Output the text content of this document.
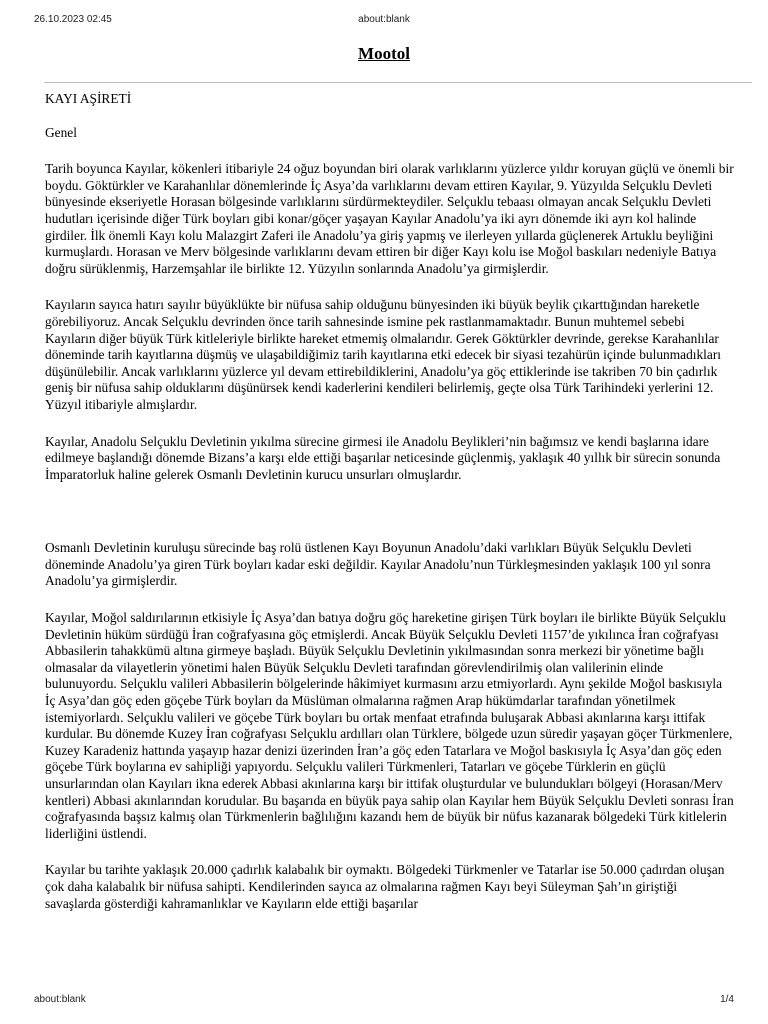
26.10.2023 02:45	about:blank
Mootol
KAYI AŞİRETİ

Genel

Tarih boyunca Kayılar, kökenleri itibariyle 24 oğuz boyundan biri olarak varlıklarını yüzlerce yıldır koruyan güçlü ve önemli bir boydu. Göktürkler ve Karahanlılar dönemlerinde İç Asya’da varlıklarını devam ettiren Kayılar, 9. Yüzyılda Selçuklu Devleti bünyesinde ekseriyetle Horasan bölgesinde varlıklarını sürdürmekteydiler. Selçuklu tebaası olmayan ancak Selçuklu Devleti hudutları içerisinde diğer Türk boyları gibi konar/göçer yaşayan Kayılar Anadolu’ya iki ayrı dönemde iki ayrı kol halinde girdiler. İlk önemli Kayı kolu Malazgirt Zaferi ile Anadolu’ya giriş yapmış ve ilerleyen yıllarda güçlenerek Artuklu beyliğini kurmuşlardı. Horasan ve Merv bölgesinde varlıklarını devam ettiren bir diğer Kayı kolu ise Moğol baskıları nedeniyle Batıya doğru sürüklenmiş, Harzemşahlar ile birlikte 12. Yüzyılın sonlarında Anadolu’ya girmişlerdir.

Kayıların sayıca hatırı sayılır büyüklükte bir nüfusa sahip olduğunu bünyesinden iki büyük beylik çıkarttığından hareketle görebiliyoruz. Ancak Selçuklu devrinden önce tarih sahnesinde ismine pek rastlanmamaktadır. Bunun muhtemel sebebi Kayıların diğer büyük Türk kitleleriyle birlikte hareket etmemiş olmalarıdır. Gerek Göktürkler devrinde, gerekse Karahanlılar döneminde tarih kayıtlarına düşmüş ve ulaşabildiğimiz tarih kayıtlarına etki edecek bir siyasi tezahürün içinde bulunmadıkları düşünülebilir. Ancak varlıklarını yüzlerce yıl devam ettirebildiklerini, Anadolu’ya göç ettiklerinde ise takriben 70 bin çadırlık geniş bir nüfusa sahip olduklarını düşünürsek kendi kaderlerini kendileri belirlemiş, geçte olsa Türk Tarihindeki yerlerini 12. Yüzyıl itibariyle almışlardır.

Kayılar, Anadolu Selçuklu Devletinin yıkılma sürecine girmesi ile Anadolu Beylikleri’nin bağımsız ve kendi başlarına idare edilmeye başlandığı dönemde Bizans’a karşı elde ettiği başarılar neticesinde güçlenmiş, yaklaşık 40 yıllık bir sürecin sonunda İmparatorluk haline gelerek Osmanlı Devletinin kurucu unsurları olmuşlardır.

Osmanlı Devletinin kuruluşu sürecinde baş rolü üstlenen Kayı Boyunun Anadolu’daki varlıkları Büyük Selçuklu Devleti döneminde Anadolu’ya giren Türk boyları kadar eski değildir. Kayılar Anadolu’nun Türkleşmesinden yaklaşık 100 yıl sonra Anadolu’ya girmişlerdir.

Kayılar, Moğol saldırılarının etkisiyle İç Asya’dan batıya doğru göç hareketine girişen Türk boyları ile birlikte Büyük Selçuklu Devletinin hüküm sürdüğü İran coğrafyasına göç etmişlerdi. Ancak Büyük Selçuklu Devleti 1157’de yıkılınca İran coğrafyası Abbasilerin tahakkümü altına girmeye başladı. Büyük Selçuklu Devletinin yıkılmasından sonra merkezi bir yönetime bağlı olmasalar da vilayetlerin yönetimi halen Büyük Selçuklu Devleti tarafından görevlendirilmiş olan valilerinin elinde bulunuyordu. Selçuklu valileri Abbasilerin bölgelerinde hâkimiyet kurmasını arzu etmiyorlardı. Aynı şekilde Moğol baskısıyla İç Asya’dan göç eden göçebe Türk boyları da Müslüman olmalarına rağmen Arap hükümdarlar tarafından yönetilmek istemiyorlardı. Selçuklu valileri ve göçebe Türk boyları bu ortak menfaat etrafında buluşarak Abbasi akınlarına karşı ittifak kurdular. Bu dönemde Kuzey İran coğrafyası Selçuklu ardılları olan Türklere, bölgede uzun süredir yaşayan göçer Türkmenlere, Kuzey Karadeniz hattında yaşayıp hazar denizi üzerinden İran’a göç eden Tatarlara ve Moğol baskısıyla İç Asya’dan göç eden göçebe Türk boylarına ev sahipliği yapıyordu. Selçuklu valileri Türkmenleri, Tatarları ve göçebe Türklerin en güçlü unsurlarından olan Kayıları ikna ederek Abbasi akınlarına karşı bir ittifak oluşturdular ve bulundukları bölgeyi (Horasan/Merv kentleri) Abbasi akınlarından korudular. Bu başarıda en büyük paya sahip olan Kayılar hem Büyük Selçuklu Devleti sonrası İran coğrafyasında başsız kalmış olan Türkmenlerin bağlılığını kazandı hem de büyük bir nüfus kazanarak bölgedeki Türk kitlelerin liderliğini üstlendi.

Kayılar bu tarihte yaklaşık 20.000 çadırlık kalabalık bir oymaktı. Bölgedeki Türkmenler ve Tatarlar ise 50.000 çadırdan oluşan çok daha kalabalık bir nüfusa sahipti. Kendilerinden sayıca az olmalarına rağmen Kayı beyi Süleyman Şah’ın giriştiği savaşlarda gösterdiği kahramanlıklar ve Kayıların elde ettiği başarılar

about:blank	1/4
